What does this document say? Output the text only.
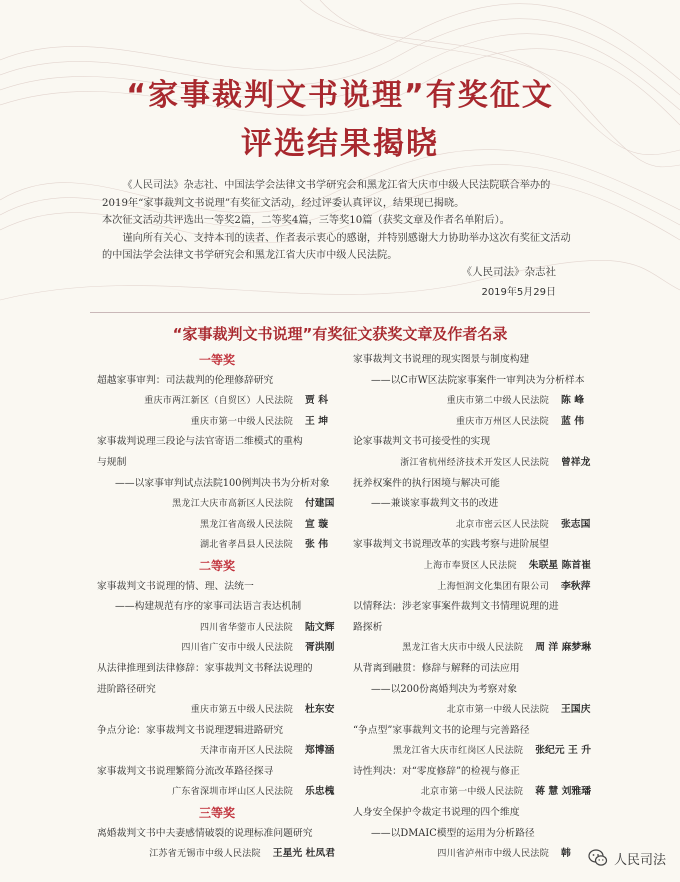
“家事裁判文书说理”有奖征文
评选结果揭晓

《人民司法》杂志社、中国法学会法律文书学研究会和黑龙江省大庆市中级人民法院联合举办的2019年“家事裁判文书说理”有奖征文活动，经过评委认真评议，结果现已揭晓。

本次征文活动共评选出一等奖2篇，二等奖4篇，三等奖10篇（获奖文章及作者名单附后）。

谨向所有关心、支持本刊的读者、作者表示衷心的感谢，并特别感谢大力协助举办这次有奖征文活动的中国法学会法律文书学研究会和黑龙江省大庆市中级人民法院。

《人民司法》杂志社
2019年5月29日
“家事裁判文书说理”有奖征文获奖文章及作者名录
一等奖
超越家事审判：司法裁判的伦理修辞研究
重庆市两江新区（自贸区）人民法院 贾 科
重庆市第一中级人民法院 王 坤
家事裁判说理三段论与法官寄语二维模式的重构
与规制
——以家事审判试点法院100例判决书为分析对象
黑龙江大庆市高新区人民法院 付建国
黑龙江省高级人民法院 宣 璇
湖北省孝昌县人民法院 张 伟
二等奖
家事裁判文书说理的情、理、法统一
——构建规范有序的家事司法语言表达机制
四川省华蓥市人民法院 陆文辉
四川省广安市中级人民法院 胥洪刚
从法律推理到法律修辞：家事裁判文书释法说理的
进阶路径研究
重庆市第五中级人民法院 杜东安
争点分论：家事裁判文书说理逻辑进路研究
天津市南开区人民法院 郑博涵
家事裁判文书说理繁简分流改革路径探寻
广东省深圳市坪山区人民法院 乐忠槐
三等奖
离婚裁判文书中夫妻感情破裂的说理标准问题研究
江苏省无锡市中级人民法院 王星光 杜凤君
家事裁判文书说理的现实图景与制度构建
——以C市W区法院家事案件一审判决为分析样本
重庆市第二中级人民法院 陈 峰
重庆市万州区人民法院 蓝 伟
论家事裁判文书可接受性的实现
浙江省杭州经济技术开发区人民法院 曾祥龙
抚养权案件的执行困境与解决可能
——兼谈家事裁判文书的改进
北京市密云区人民法院 张志国
家事裁判文书说理改革的实践考察与进阶展望
上海市奉贤区人民法院 朱联星 陈首崔
上海恒润文化集团有限公司 李秋萍
以情释法：涉老家事案件裁判文书情理说理的进
路探析
黑龙江省大庆市中级人民法院 周 洋 麻梦琳
从背离到融贯：修辞与解释的司法应用
——以200份离婚判决为考察对象
北京市第一中级人民法院 王国庆
“争点型”家事裁判文书的论理与完善路径
黑龙江省大庆市红岗区人民法院 张纪元 王 升
诗性判决：对“零度修辞”的检视与修正
北京市第一中级人民法院 蒋 慧 刘雅璠
人身安全保护令裁定书说理的四个维度
——以DMAIC模型的运用为分析路径
四川省泸州市中级人民法院 韩	人民司法
